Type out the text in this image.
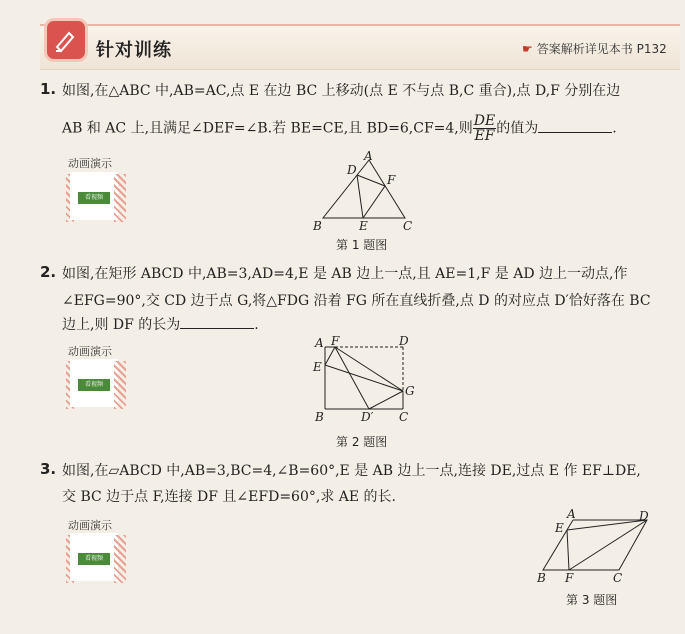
针对训练	☛ 答案解析详见本书 P132
1. 如图,在△ABC 中,AB=AC,点 E 在边 BC 上移动(点 E 不与点 B,C 重合),点 D,F 分别在边
AB 和 AC 上,且满足∠DEF=∠B.若 BE=CE,且 BD=6,CF=4,则 $\frac{DE}{EF}$ 的值为	.
动画演示
看视频
A
D
F
B	E	C
第 1 题图
2. 如图,在矩形 ABCD 中,AB=3,AD=4,E 是 AB 边上一点,且 AE=1,F 是 AD 边上一动点,作
∠EFG=90°,交 CD 边于点 G,将△FDG 沿着 FG 所在直线折叠,点 D 的对应点 D′恰好落在 BC
边上,则 DF 的长为	.
动画演示
看视频
A F	D
E
G
B	D′ C
第 2 题图
3. 如图,在▱ABCD 中,AB=3,BC=4,∠B=60°,E 是 AB 边上一点,连接 DE,过点 E 作 EF⊥DE,
交 BC 边于点 F,连接 DF 且∠EFD=60°,求 AE 的长.
动画演示
看视频
A	D
E
B F	C
第 3 题图
